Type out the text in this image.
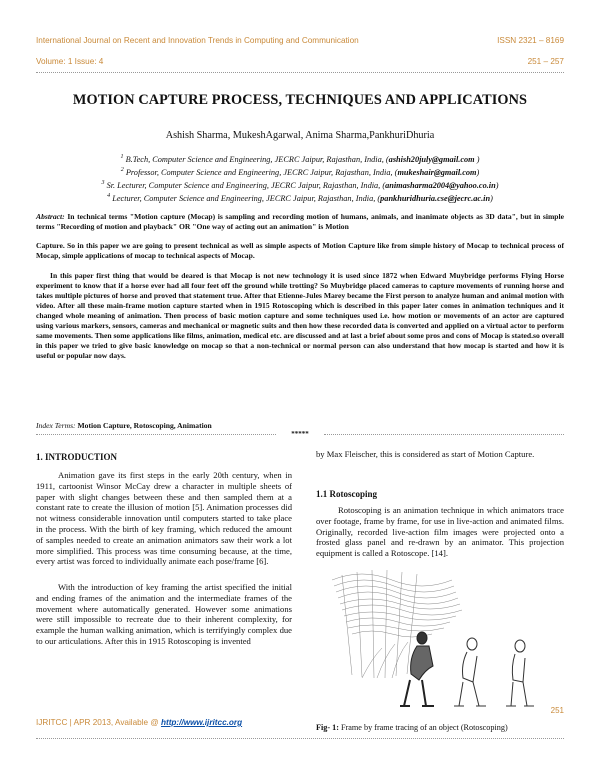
International Journal on Recent and Innovation Trends in Computing and Communication	ISSN 2321 – 8169
Volume: 1 Issue: 4	251 – 257
MOTION CAPTURE PROCESS, TECHNIQUES AND APPLICATIONS
Ashish Sharma, MukeshAgarwal, Anima Sharma,PankhuriDhuria
$^1$ B.Tech, Computer Science and Engineering, JECRC Jaipur, Rajasthan, India, (ashish20july@gmail.com )
$^2$ Professor, Computer Science and Engineering, JECRC Jaipur, Rajasthan, India, (mukeshair@gmail.com)
$^3$ Sr. Lecturer, Computer Science and Engineering, JECRC Jaipur, Rajasthan, India, (animasharma2004@yahoo.co.in)
$^4$ Lecturer, Computer Science and Engineering, JECRC Jaipur, Rajasthan, India, (pankhuridhuria.cse@jecrc.ac.in)

Abstract: In technical terms "Motion capture (Mocap) is sampling and recording motion of humans, animals, and inanimate objects as 3D data", but in simple terms "Recording of motion and playback" OR "One way of acting out an animation" is Motion

Capture. So in this paper we are going to present technical as well as simple aspects of Motion Capture like from simple history of Mocap to technical process of Mocap, simple applications of mocap to technical aspects of Mocap.

In this paper first thing that would be deared is that Mocap is not new technology it is used since 1872 when Edward Muybridge performs Flying Horse experiment to know that if a horse ever had all four feet off the ground while trotting? So Muybridge placed cameras to capture movements of running horse and takes multiple pictures of horse and proved that statement true. After that Etienne-Jules Marey became the First person to analyze human and animal motion with video. After all these main-frame motion capture started when in 1915 Rotoscoping which is described in this paper later comes in animation techniques and it changed whole meaning of animation. Then process of basic motion capture and some techniques used i.e. how motion or movements of an actor are captured using various markers, sensors, cameras and mechanical or magnetic suits and then how these recorded data is converted and applied on a virtual actor to perform same movements. Then some applications like films, animation, medical etc. are discussed and at last a brief about some pros and cons of Mocap is stated.so overall in this paper we tried to give basic knowledge on mocap so that a non-technical or normal person can also understand that how mocap is started and how it is useful or popular now days.

Index Terms: Motion Capture, Rotoscoping, Animation
*****
1. INTRODUCTION

Animation gave its first steps in the early 20th century, when in 1911, cartoonist Winsor McCay drew a character in multiple sheets of paper with slight changes between these and then sampled them at a constant rate to create the illusion of motion [5]. Animation processes did not witness considerable innovation until computers started to take place in the process. With the birth of key framing, which reduced the amount of samples needed to create an animation animators saw their work a lot more simplified. This process was time consuming because, at the time, every artist was forced to individually animate each pose/frame [6].

With the introduction of key framing the artist specified the initial and ending frames of the animation and the intermediate frames of the movement where automatically generated. However some animations were still impossible to recreate due to their inherent complexity, for example the human walking animation, which is terrifyingly complex due to our articulations. After this in 1915 Rotoscoping is invented

by Max Fleischer, this is considered as start of Motion Capture.

1.1 Rotoscoping

Rotoscoping is an animation technique in which animators trace over footage, frame by frame, for use in live-action and animated films. Originally, recorded live-action film images were projected onto a frosted glass panel and re-drawn by an animator. This projection equipment is called a Rotoscope. [14].

Fig- 1: Frame by frame tracing of an object (Rotoscoping)
251
IJRITCC | APR 2013, Available @ http://www.ijritcc.org
